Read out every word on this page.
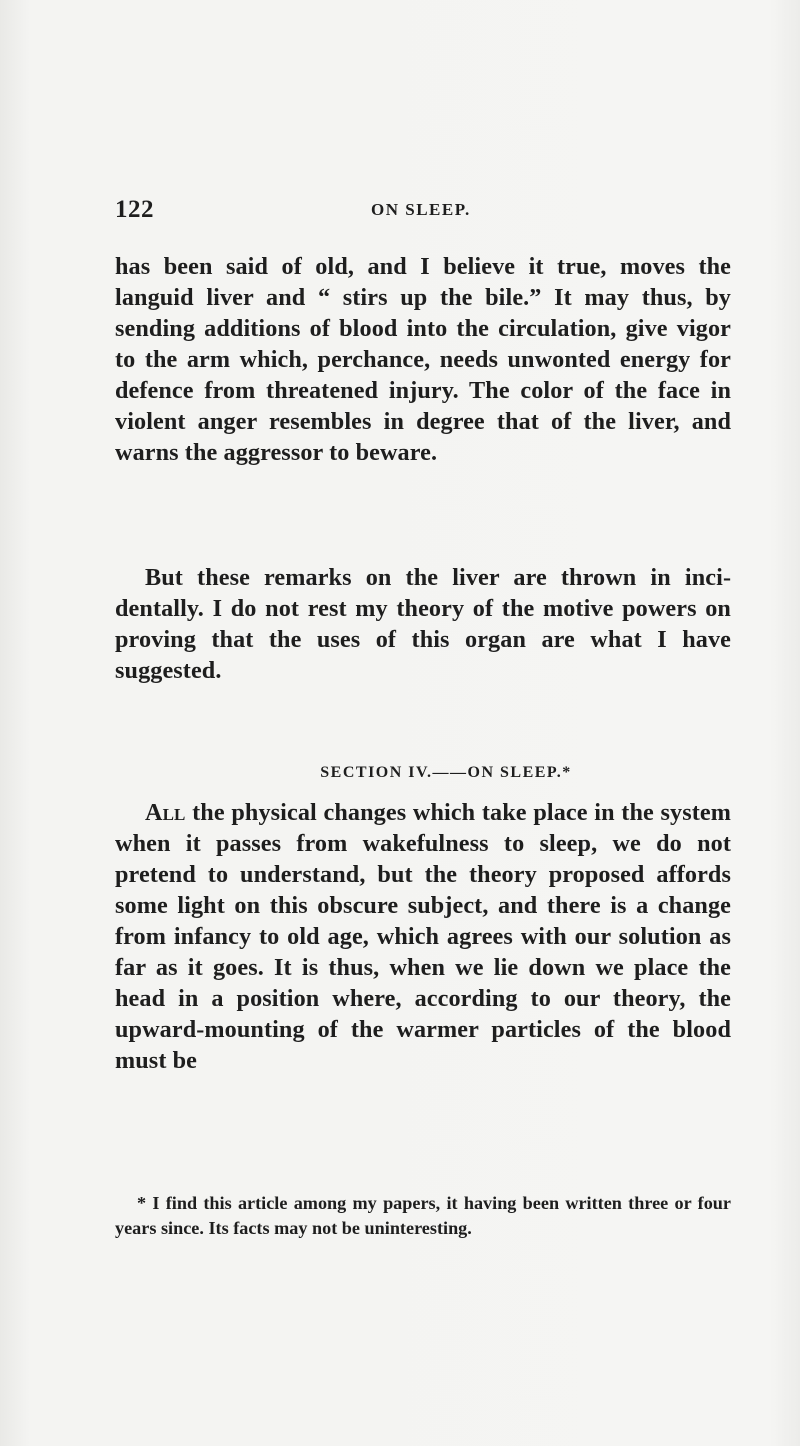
122	ON SLEEP.

has been said of old, and I believe it true, moves the languid liver and “ stirs up the bile.” It may thus, by sending additions of blood into the circulation, give vigor to the arm which, perchance, needs unwonted energy for defence from threatened injury. The color of the face in violent anger resembles in degree that of the liver, and warns the aggressor to beware.

But these remarks on the liver are thrown in incidentally. I do not rest my theory of the motive powers on proving that the uses of this organ are what I have suggested.

SECTION IV.——ON SLEEP.*

All the physical changes which take place in the system when it passes from wakefulness to sleep, we do not pretend to understand, but the theory proposed affords some light on this obscure subject, and there is a change from infancy to old age, which agrees with our solution as far as it goes. It is thus, when we lie down we place the head in a position where, according to our theory, the upward-mounting of the warmer particles of the blood must be

* I find this article among my papers, it having been written three or four years since. Its facts may not be uninteresting.
